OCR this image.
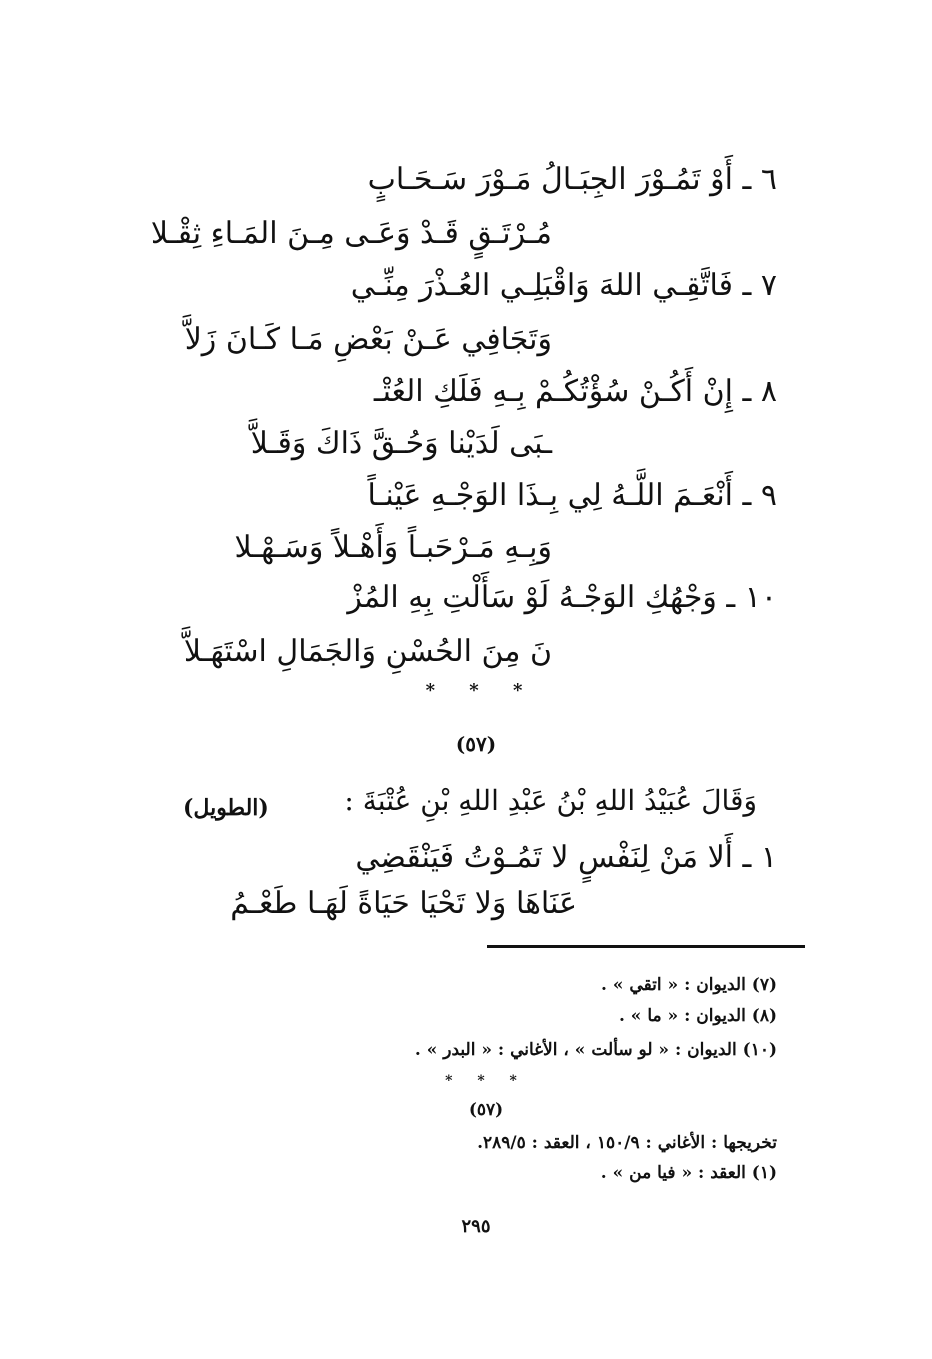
٦ ـ أَوْ تَمُـوْرَ الجِبَـالُ مَـوْرَ سَـحَـابٍ
مُـرْتَـقٍ قَـدْ وَعَـى مِـنَ المَـاءِ ثِقْـلا
٧ ـ فَاتَّقِـي اللهَ وَاقْبَلِـي العُـذْرَ مِنِّـي
وَتَجَافِي عَـنْ بَعْضِ مَـا كَـانَ زَلاَّ
٨ ـ إِنْ أَكُـنْ سُؤْتُكُـمْ بِـهِ فَلَكِ العُتْـ
ـبَى لَدَيْنا وَحُـقَّ ذَاكَ وَقَـلاَّ
٩ ـ أَنْعَـمَ اللَّـهُ لِي بِـذَا الوَجْـهِ عَيْنـاً
وَبِـهِ مَـرْحَبـاً وَأَهْـلاً وَسَـهْـلا
١٠ ـ وَجْهُكِ الوَجْـهُ لَوْ سَأَلْتِ بِهِ المُزْ
نَ مِنَ الحُسْنِ وَالجَمَالِ اسْتَهَـلاَّ
* * *
(٥٧)
وَقَالَ عُبَيْدُ اللهِ بْنُ عَبْدِ اللهِ بْنِ عُتْبَةَ :
(الطويل)
١ ـ أَلا مَنْ لِنَفْسٍ لا تَمُـوْتُ فَيَنْقَضِي
عَنَاهَا وَلا تَحْيَا حَيَاةً لَهَـا طَعْـمُ
(٧) الديوان : « اتقي » .
(٨) الديوان : « ما » .
(١٠) الديوان : « لو سألت » ، الأغاني : « البدر » .
* * *
(٥٧)
تخريجها : الأغاني : ١٥٠/٩ ، العقد : ٢٨٩/٥.
(١) العقد : « فيا من » .
٢٩٥
